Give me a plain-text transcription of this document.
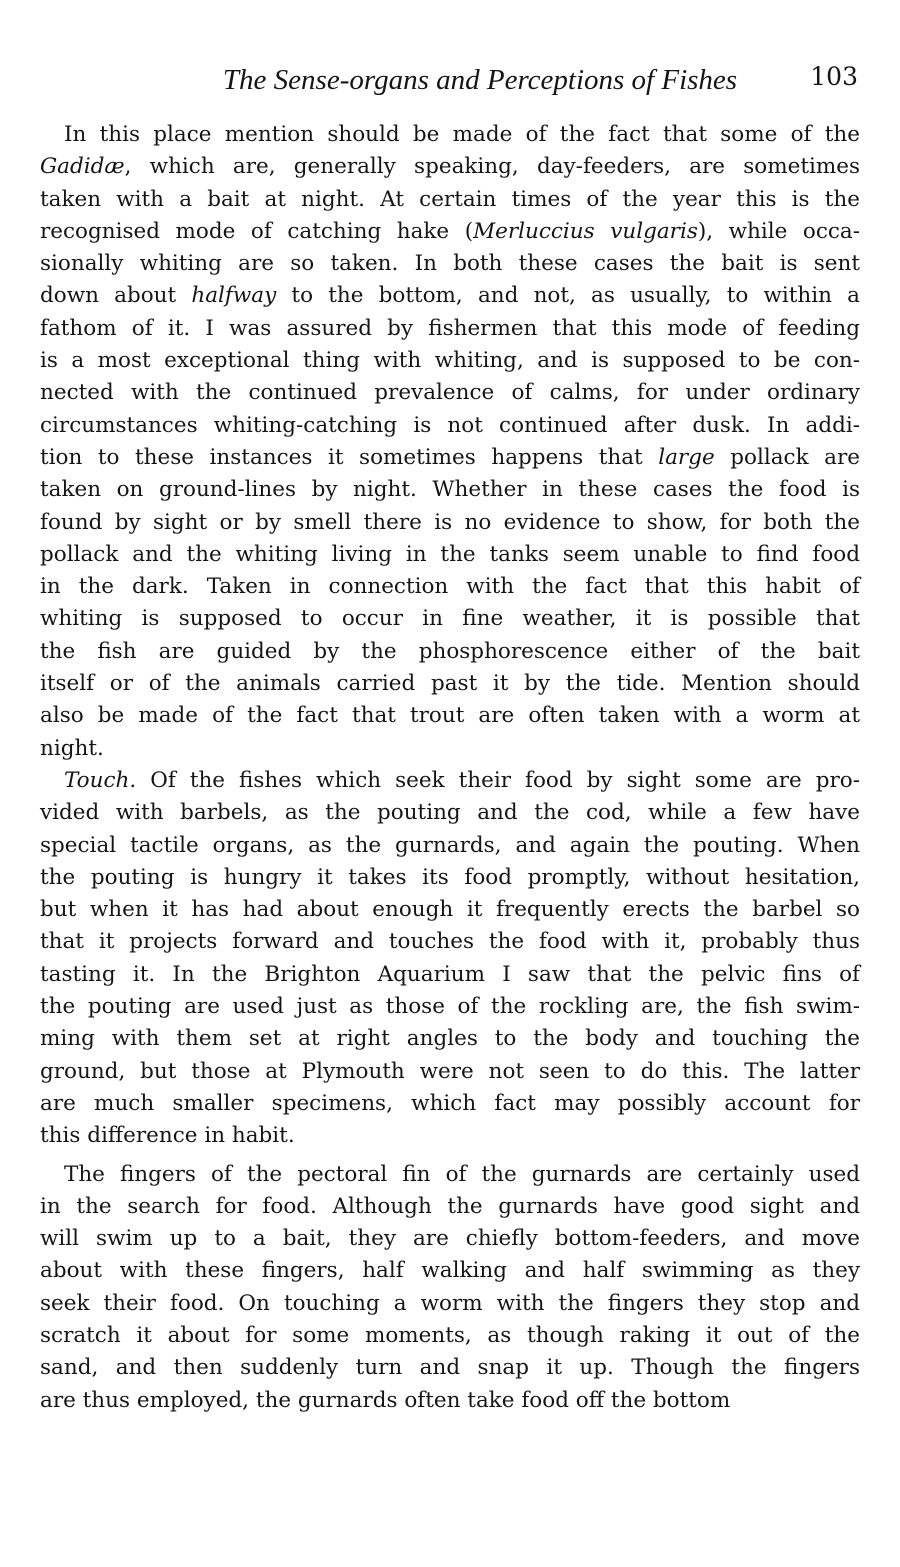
The Sense-organs and Perceptions of Fishes	103
In this place mention should be made of the fact that some of the
Gadidæ, which are, generally speaking, day-feeders, are sometimes
taken with a bait at night. At certain times of the year this is the
recognised mode of catching hake (Merluccius vulgaris), while occa-
sionally whiting are so taken. In both these cases the bait is sent
down about halfway to the bottom, and not, as usually, to within a
fathom of it. I was assured by fishermen that this mode of feeding
is a most exceptional thing with whiting, and is supposed to be con-
nected with the continued prevalence of calms, for under ordinary
circumstances whiting-catching is not continued after dusk. In addi-
tion to these instances it sometimes happens that large pollack are
taken on ground-lines by night. Whether in these cases the food is
found by sight or by smell there is no evidence to show, for both the
pollack and the whiting living in the tanks seem unable to find food
in the dark. Taken in connection with the fact that this habit of
whiting is supposed to occur in fine weather, it is possible that
the fish are guided by the phosphorescence either of the bait
itself or of the animals carried past it by the tide. Mention should
also be made of the fact that trout are often taken with a worm at
night.
Touch. Of the fishes which seek their food by sight some are pro-
vided with barbels, as the pouting and the cod, while a few have
special tactile organs, as the gurnards, and again the pouting. When
the pouting is hungry it takes its food promptly, without hesitation,
but when it has had about enough it frequently erects the barbel so
that it projects forward and touches the food with it, probably thus
tasting it. In the Brighton Aquarium I saw that the pelvic fins of
the pouting are used just as those of the rockling are, the fish swim-
ming with them set at right angles to the body and touching the
ground, but those at Plymouth were not seen to do this. The latter
are much smaller specimens, which fact may possibly account for
this difference in habit.
The fingers of the pectoral fin of the gurnards are certainly used
in the search for food. Although the gurnards have good sight and
will swim up to a bait, they are chiefly bottom-feeders, and move
about with these fingers, half walking and half swimming as they
seek their food. On touching a worm with the fingers they stop and
scratch it about for some moments, as though raking it out of the
sand, and then suddenly turn and snap it up. Though the fingers
are thus employed, the gurnards often take food off the bottom
